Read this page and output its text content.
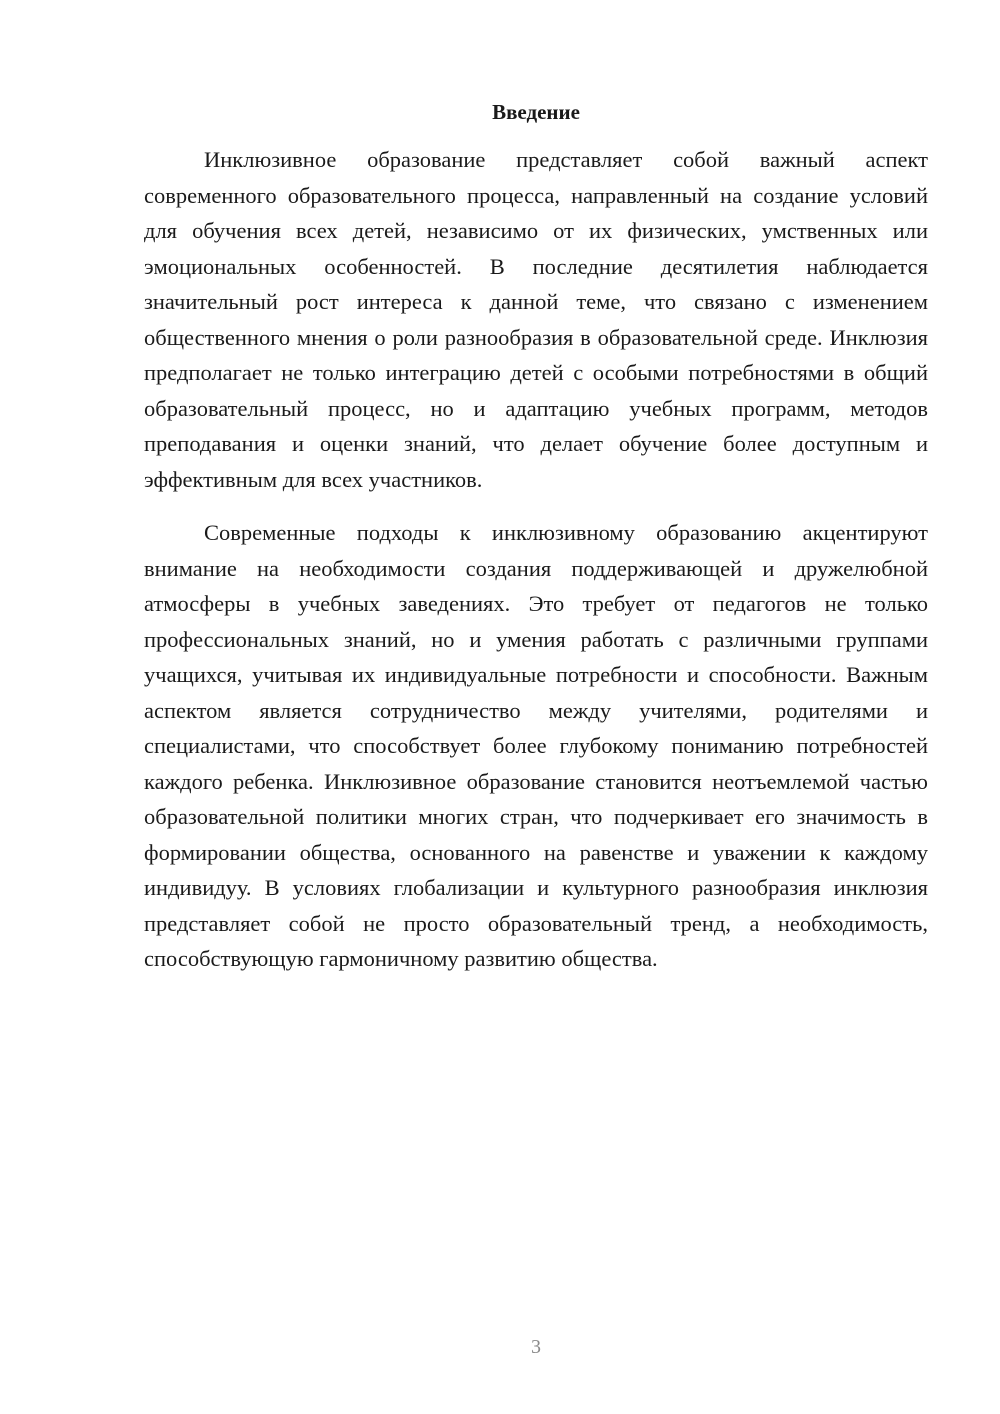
Введение

Инклюзивное образование представляет собой важный аспект современного образовательного процесса, направленный на создание условий для обучения всех детей, независимо от их физических, умственных или эмоциональных особенностей. В последние десятилетия наблюдается значительный рост интереса к данной теме, что связано с изменением общественного мнения о роли разнообразия в образовательной среде. Инклюзия предполагает не только интеграцию детей с особыми потребностями в общий образовательный процесс, но и адаптацию учебных программ, методов преподавания и оценки знаний, что делает обучение более доступным и эффективным для всех участников.

Современные подходы к инклюзивному образованию акцентируют внимание на необходимости создания поддерживающей и дружелюбной атмосферы в учебных заведениях. Это требует от педагогов не только профессиональных знаний, но и умения работать с различными группами учащихся, учитывая их индивидуальные потребности и способности. Важным аспектом является сотрудничество между учителями, родителями и специалистами, что способствует более глубокому пониманию потребностей каждого ребенка. Инклюзивное образование становится неотъемлемой частью образовательной политики многих стран, что подчеркивает его значимость в формировании общества, основанного на равенстве и уважении к каждому индивидуу. В условиях глобализации и культурного разнообразия инклюзия представляет собой не просто образовательный тренд, а необходимость, способствующую гармоничному развитию общества.

3
